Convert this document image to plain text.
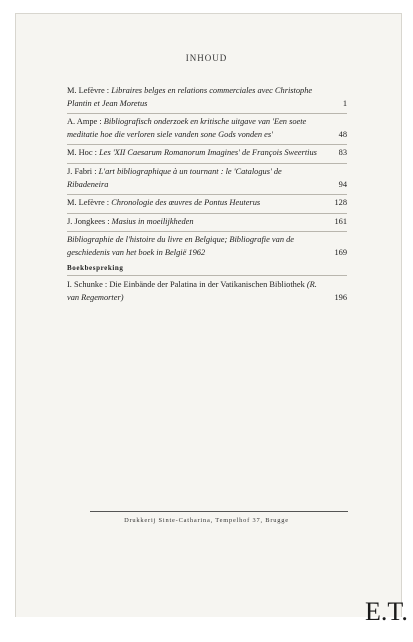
INHOUD
M. Lefèvre : Libraires belges en relations commerciales avec Christophe Plantin et Jean Moretus	1
A. Ampe : Bibliografisch onderzoek en kritische uitgave van 'Een soete meditatie hoe die verloren siele vanden sone Gods vonden es'	48
M. Hoc : Les 'XII Caesarum Romanorum Imagines' de François Sweertius	83
J. Fabri : L'art bibliographique à un tournant : le 'Catalogus' de Ribadeneira	94
M. Lefèvre : Chronologie des œuvres de Pontus Heuterus	128
J. Jongkees : Masius in moeilijkheden	161
Bibliographie de l'histoire du livre en Belgique; Bibliografie van de geschiedenis van het boek in België 1962	169
Boekbespreking
I. Schunke : Die Einbände der Palatina in der Vatikanischen Bibliothek (R. van Regemorter)	196
Drukkerij Sinte-Catharina, Tempelhof 37, Brugge
E.T.
